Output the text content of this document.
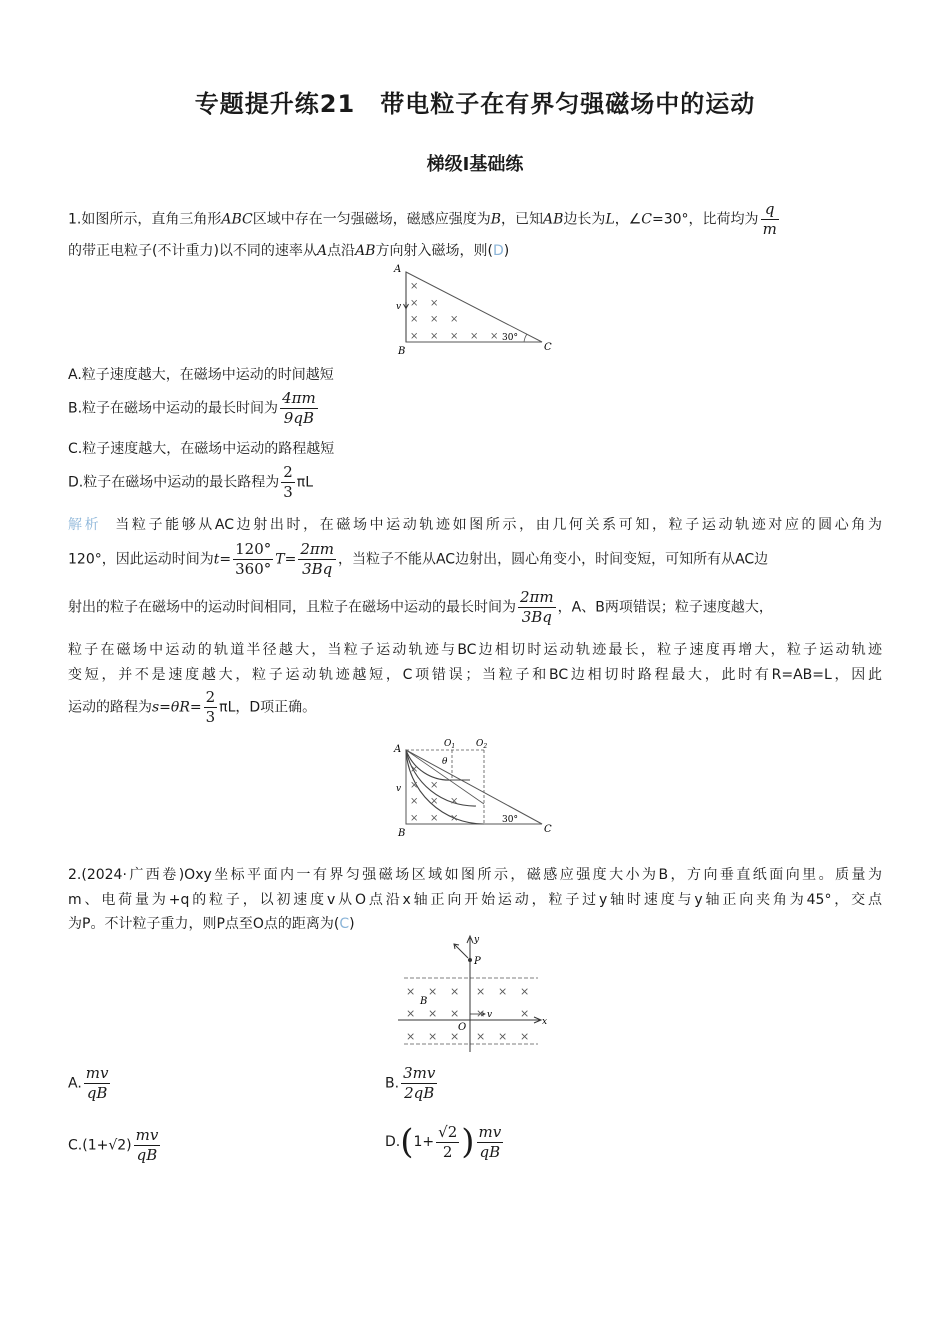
专题提升练21　带电粒子在有界匀强磁场中的运动
梯级Ⅰ基础练
1.如图所示，直角三角形ABC区域中存在一匀强磁场，磁感应强度为B，已知AB边长为L，∠C=30°，比荷均为 $\frac{q}{m}$
的带正电粒子(不计重力)以不同的速率从A点沿AB方向射入磁场，则(D)
A
B	C
v
30°
×
× ×
× × ×
× × × × ×
A.粒子速度越大，在磁场中运动的时间越短
B.粒子在磁场中运动的最长时间为 $\frac{4\pi m}{9qB}$
C.粒子速度越大，在磁场中运动的路程越短
D.粒子在磁场中运动的最长路程为 $\frac{2}{3}$ πL
解析 当粒子能够从AC边射出时，在磁场中运动轨迹如图所示，由几何关系可知，粒子运动轨迹对应的圆心角为
120°，因此运动时间为$t= \frac{120^\circ}{360^\circ} T= \frac{2\pi m}{3Bq}$ ，当粒子不能从AC边射出，圆心角变小，时间变短，可知所有从AC边
射出的粒子在磁场中的运动时间相同，且粒子在磁场中运动的最长时间为 $\frac{2\pi m}{3Bq}$ ，A、B两项错误；粒子速度越大，
粒子在磁场中运动的轨道半径越大，当粒子运动轨迹与BC边相切时运动轨迹最长，粒子速度再增大，粒子运动轨迹
变短，并不是速度越大，粒子运动轨迹越短，C项错误；当粒子和BC边相切时路程最大，此时有R=AB=L，因此
运动的路程为$s=\theta R= \frac{2}{3}$ πL，D项正确。
A
B	C
v
$O_1$ $O_2$
θ
30°
×
× ×
× × ×
× × ×
2.(2024·广西卷)Oxy坐标平面内一有界匀强磁场区域如图所示，磁感应强度大小为B，方向垂直纸面向里。质量为
m、电荷量为+q的粒子，以初速度v从O点沿x轴正向开始运动，粒子过y轴时速度与y轴正向夹角为45°，交点
为P。不计粒子重力，则P点至O点的距离为(C)
y
x
P
B
O
v
× × × × × ×
× × × ×	×
× × × × × ×
A. $\frac{mv}{qB}$	B. $\frac{3mv}{2qB}$
$C.(1+√2) \frac{mv}{qB}$	$D.(1+ \frac{√2}{2}$ ) $\frac{mv}{qB}$
